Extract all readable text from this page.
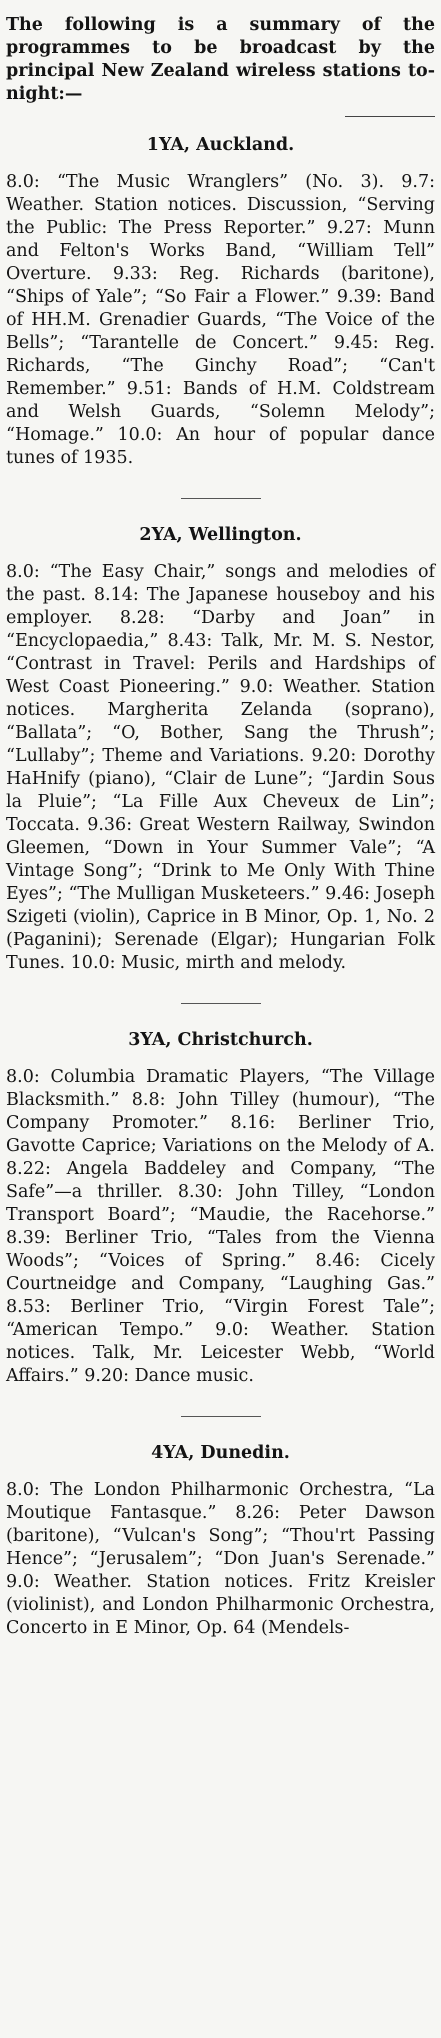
The following is a summary of the programmes to be broadcast by the principal New Zealand wireless stations to-night:—

1YA, Auckland.

8.0: “The Music Wranglers” (No. 3). 9.7: Weather. Station notices. Discussion, “Serving the Public: The Press Reporter.” 9.27: Munn and Felton's Works Band, “William Tell” Overture. 9.33: Reg. Richards (baritone), “Ships of Yale”; “So Fair a Flower.” 9.39: Band of HH.M. Grenadier Guards, “The Voice of the Bells”; “Tarantelle de Concert.” 9.45: Reg. Richards, “The Ginchy Road”; “Can't Remember.” 9.51: Bands of H.M. Coldstream and Welsh Guards, “Solemn Melody”; “Homage.” 10.0: An hour of popular dance tunes of 1935.

2YA, Wellington.

8.0: “The Easy Chair,” songs and melodies of the past. 8.14: The Japanese houseboy and his employer. 8.28: “Darby and Joan” in “Encyclopaedia,” 8.43: Talk, Mr. M. S. Nestor, “Contrast in Travel: Perils and Hardships of West Coast Pioneering.” 9.0: Weather. Station notices. Margherita Zelanda (soprano), “Ballata”; “O, Bother, Sang the Thrush”; “Lullaby”; Theme and Variations. 9.20: Dorothy HaHnify (piano), “Clair de Lune”; “Jardin Sous la Pluie”; “La Fille Aux Cheveux de Lin”; Toccata. 9.36: Great Western Railway, Swindon Gleemen, “Down in Your Summer Vale”; “A Vintage Song”; “Drink to Me Only With Thine Eyes”; “The Mulligan Musketeers.” 9.46: Joseph Szigeti (violin), Caprice in B Minor, Op. 1, No. 2 (Paganini); Serenade (Elgar); Hungarian Folk Tunes. 10.0: Music, mirth and melody.

3YA, Christchurch.

8.0: Columbia Dramatic Players, “The Village Blacksmith.” 8.8: John Tilley (humour), “The Company Promoter.” 8.16: Berliner Trio, Gavotte Caprice; Variations on the Melody of A. 8.22: Angela Baddeley and Company, “The Safe”—a thriller. 8.30: John Tilley, “London Transport Board”; “Maudie, the Racehorse.” 8.39: Berliner Trio, “Tales from the Vienna Woods”; “Voices of Spring.” 8.46: Cicely Courtneidge and Company, “Laughing Gas.” 8.53: Berliner Trio, “Virgin Forest Tale”; “American Tempo.” 9.0: Weather. Station notices. Talk, Mr. Leicester Webb, “World Affairs.” 9.20: Dance music.

4YA, Dunedin.

8.0: The London Philharmonic Orchestra, “La Moutique Fantasque.” 8.26: Peter Dawson (baritone), “Vulcan's Song”; “Thou'rt Passing Hence”; “Jerusalem”; “Don Juan's Serenade.” 9.0: Weather. Station notices. Fritz Kreisler (violinist), and London Philharmonic Orchestra, Concerto in E Minor, Op. 64 (Mendels-
